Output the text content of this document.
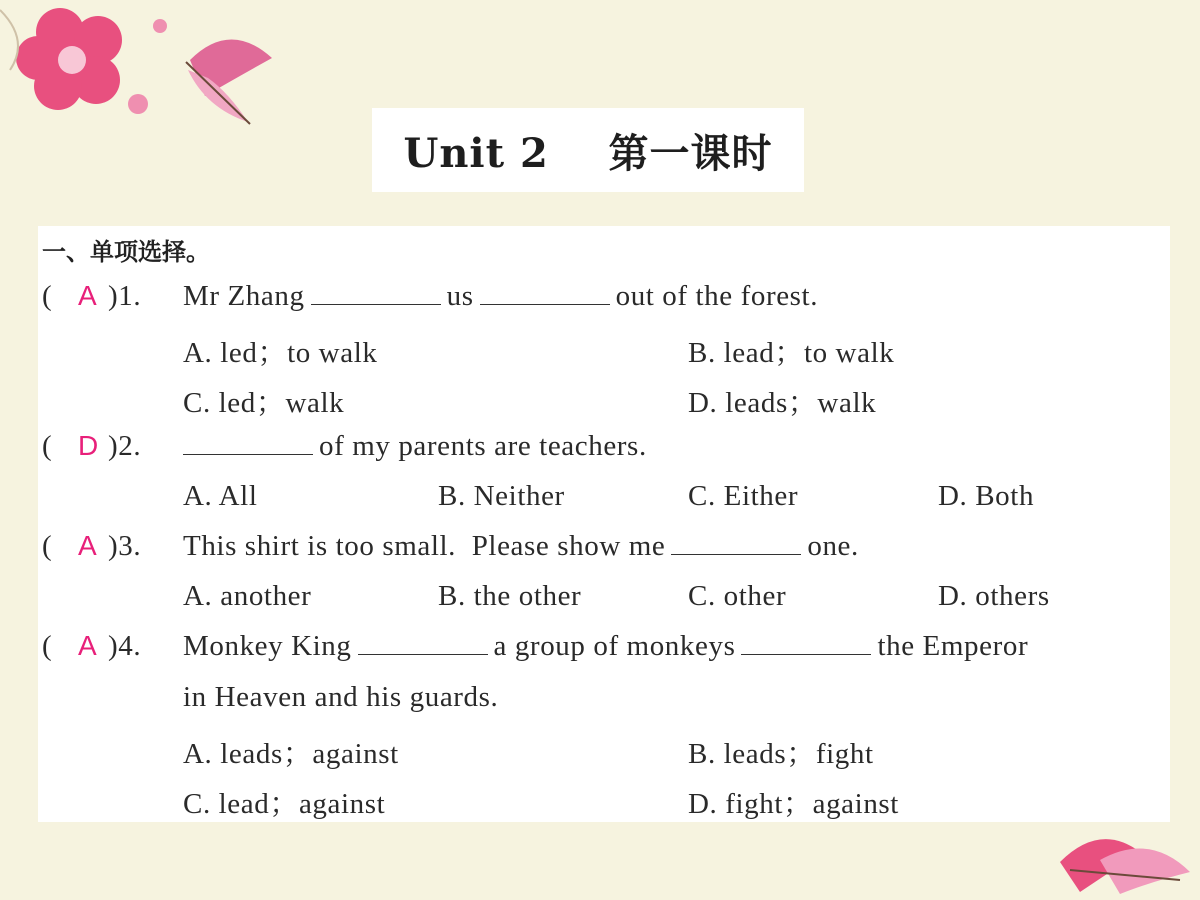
Unit 2    第一课时
一、单项选择。
( A )1. Mr Zhang	us	out of the forest.
A. led；to walk	B. lead；to walk
C. led；walk	D. leads；walk
( D )2.	of my parents are teachers.
A. All	B. Neither	C. Either	D. Both
( A )3. This shirt is too small.  Please show me	one.
A. another	B. the other	C. other	D. others
( A )4. Monkey King	a group of monkeys	the Emperor
in Heaven and his guards.
A. leads；against	B. leads；fight
C. lead；against	D. fight；against
